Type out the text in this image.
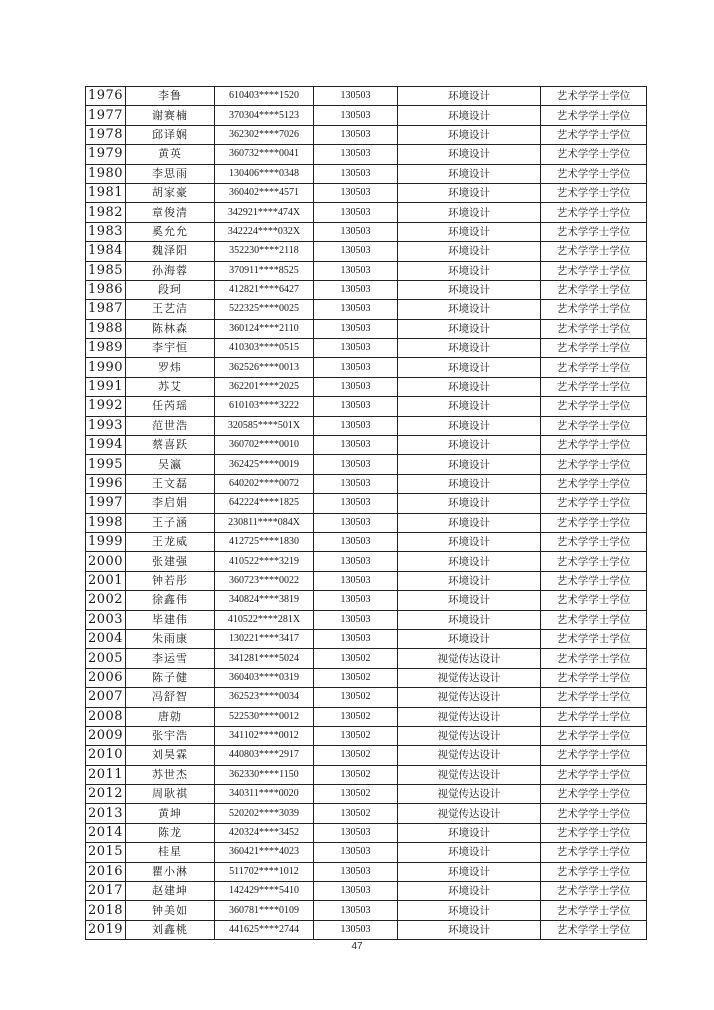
1976	李鲁	610403****1520	130503	环境设计	艺术学学士学位
1977	谢赛楠	370304****5123	130503	环境设计	艺术学学士学位
1978	邱译娴	362302****7026	130503	环境设计	艺术学学士学位
1979	黄英	360732****0041	130503	环境设计	艺术学学士学位
1980	李思雨	130406****0348	130503	环境设计	艺术学学士学位
1981	胡家豪	360402****4571	130503	环境设计	艺术学学士学位
1982	章俊清	342921****474X	130503	环境设计	艺术学学士学位
1983	奚允允	342224****032X	130503	环境设计	艺术学学士学位
1984	魏泽阳	352230****2118	130503	环境设计	艺术学学士学位
1985	孙海蓉	370911****8525	130503	环境设计	艺术学学士学位
1986	段珂	412821****6427	130503	环境设计	艺术学学士学位
1987	王艺洁	522325****0025	130503	环境设计	艺术学学士学位
1988	陈林森	360124****2110	130503	环境设计	艺术学学士学位
1989	李宇恒	410303****0515	130503	环境设计	艺术学学士学位
1990	罗炜	362526****0013	130503	环境设计	艺术学学士学位
1991	苏艾	362201****2025	130503	环境设计	艺术学学士学位
1992	任芮瑶	610103****3222	130503	环境设计	艺术学学士学位
1993	范世浩	320585****501X	130503	环境设计	艺术学学士学位
1994	蔡喜跃	360702****0010	130503	环境设计	艺术学学士学位
1995	吴瀛	362425****0019	130503	环境设计	艺术学学士学位
1996	王文磊	640202****0072	130503	环境设计	艺术学学士学位
1997	李启娟	642224****1825	130503	环境设计	艺术学学士学位
1998	王子涵	230811****084X	130503	环境设计	艺术学学士学位
1999	王龙威	412725****1830	130503	环境设计	艺术学学士学位
2000	张建强	410522****3219	130503	环境设计	艺术学学士学位
2001	钟若彤	360723****0022	130503	环境设计	艺术学学士学位
2002	徐鑫伟	340824****3819	130503	环境设计	艺术学学士学位
2003	毕建伟	410522****281X	130503	环境设计	艺术学学士学位
2004	朱雨康	130221****3417	130503	环境设计	艺术学学士学位
2005	李运雪	341281****5024	130502	视觉传达设计	艺术学学士学位
2006	陈子健	360403****0319	130502	视觉传达设计	艺术学学士学位
2007	冯舒智	362523****0034	130502	视觉传达设计	艺术学学士学位
2008	唐勍	522530****0012	130502	视觉传达设计	艺术学学士学位
2009	张宇浩	341102****0012	130502	视觉传达设计	艺术学学士学位
2010	刘昊霖	440803****2917	130502	视觉传达设计	艺术学学士学位
2011	苏世杰	362330****1150	130502	视觉传达设计	艺术学学士学位
2012	周耿祺	340311****0020	130502	视觉传达设计	艺术学学士学位
2013	黄坤	520202****3039	130502	视觉传达设计	艺术学学士学位
2014	陈龙	420324****3452	130503	环境设计	艺术学学士学位
2015	桂星	360421****4023	130503	环境设计	艺术学学士学位
2016	瞿小淋	511702****1012	130503	环境设计	艺术学学士学位
2017	赵建坤	142429****5410	130503	环境设计	艺术学学士学位
2018	钟美如	360781****0109	130503	环境设计	艺术学学士学位
2019	刘鑫桃	441625****2744	130503	环境设计	艺术学学士学位
47
